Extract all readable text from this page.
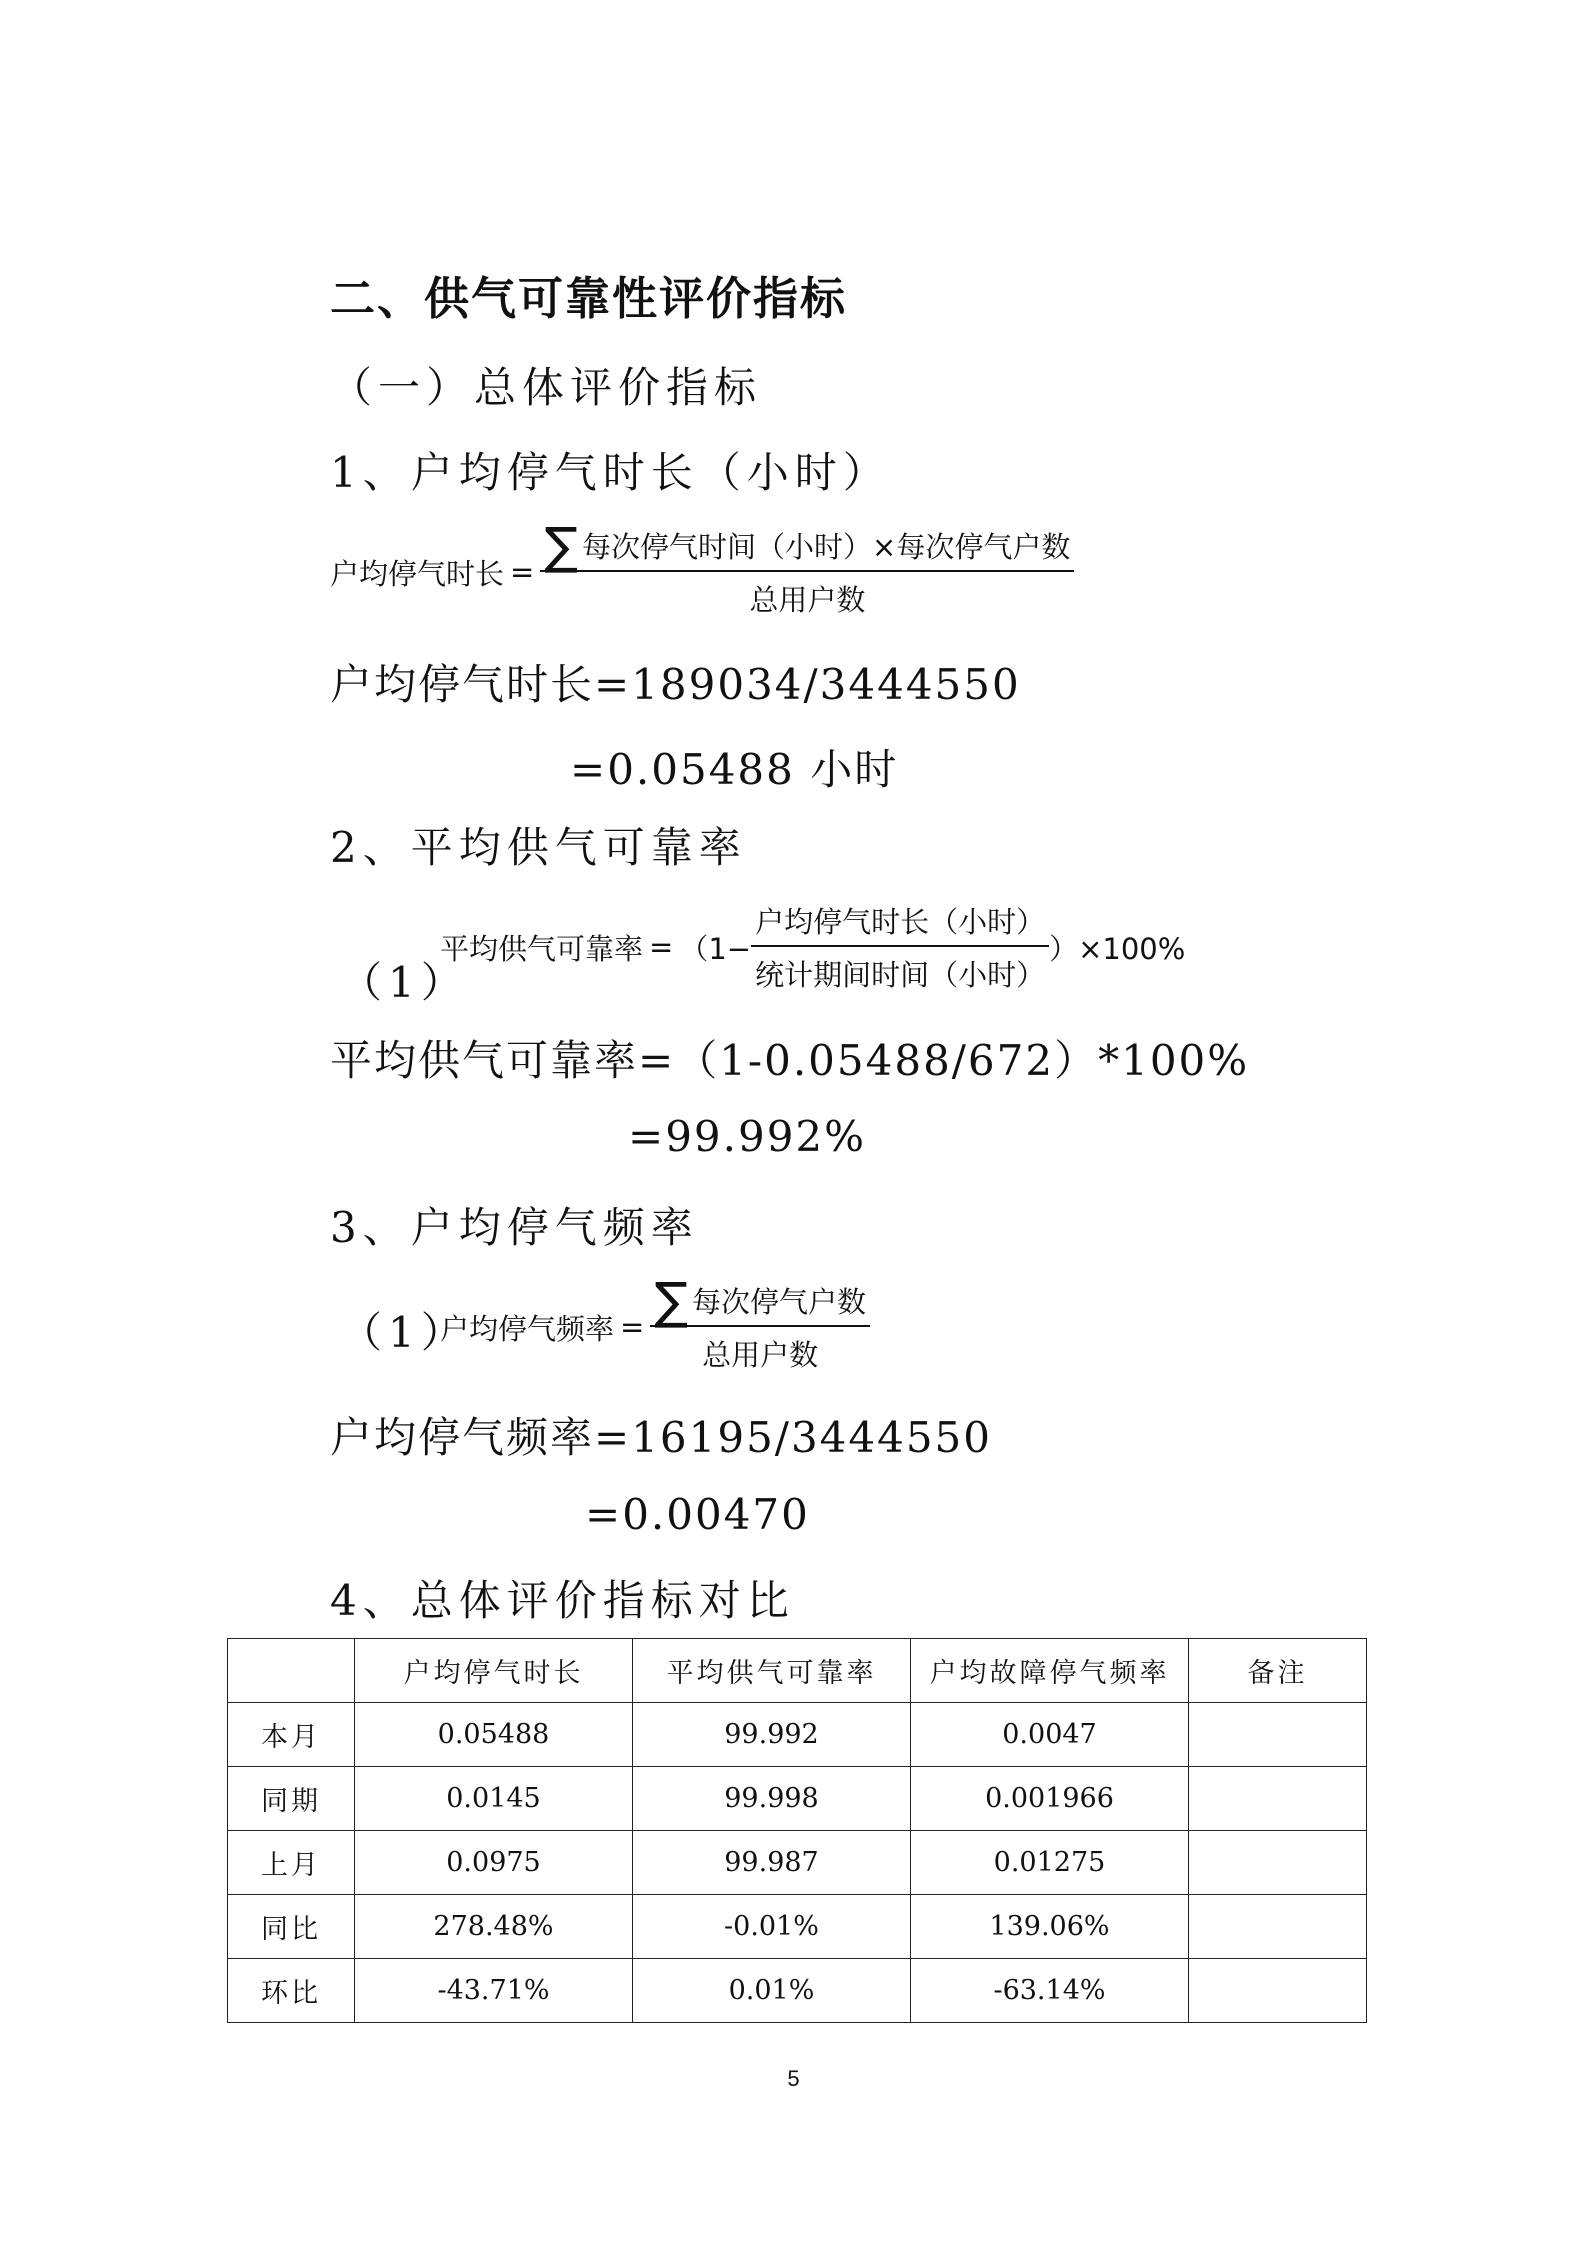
二、供气可靠性评价指标
（一）总体评价指标
1、户均停气时长（小时）
户均停气时长 = $\frac{\text{∑ 每次停气时间（小时）×每次停气户数}}{\text{总用户数}}$
户均停气时长=189034/3444550
=0.05488 小时
2、平均供气可靠率
（1）
平均供气可靠率 = $(1- \frac{\text{户均停气时长（小时）}}{\text{统计期间时间（小时）}} )\times 100\%$
平均供气可靠率=（1-0.05488/672）*100%
=99.992%
3、户均停气频率
（1）
户均停气频率 = $\frac{\text{∑ 每次停气户数}}{\text{总用户数}}$
户均停气频率=16195/3444550
=0.00470
4、总体评价指标对比
	户均停气时长	平均供气可靠率	户均故障停气频率	备注
本月	0.05488	99.992	0.0047	
同期	0.0145	99.998	0.001966	
上月	0.0975	99.987	0.01275	
同比	278.48%	-0.01%	139.06%	
环比	-43.71%	0.01%	-63.14%	
5
